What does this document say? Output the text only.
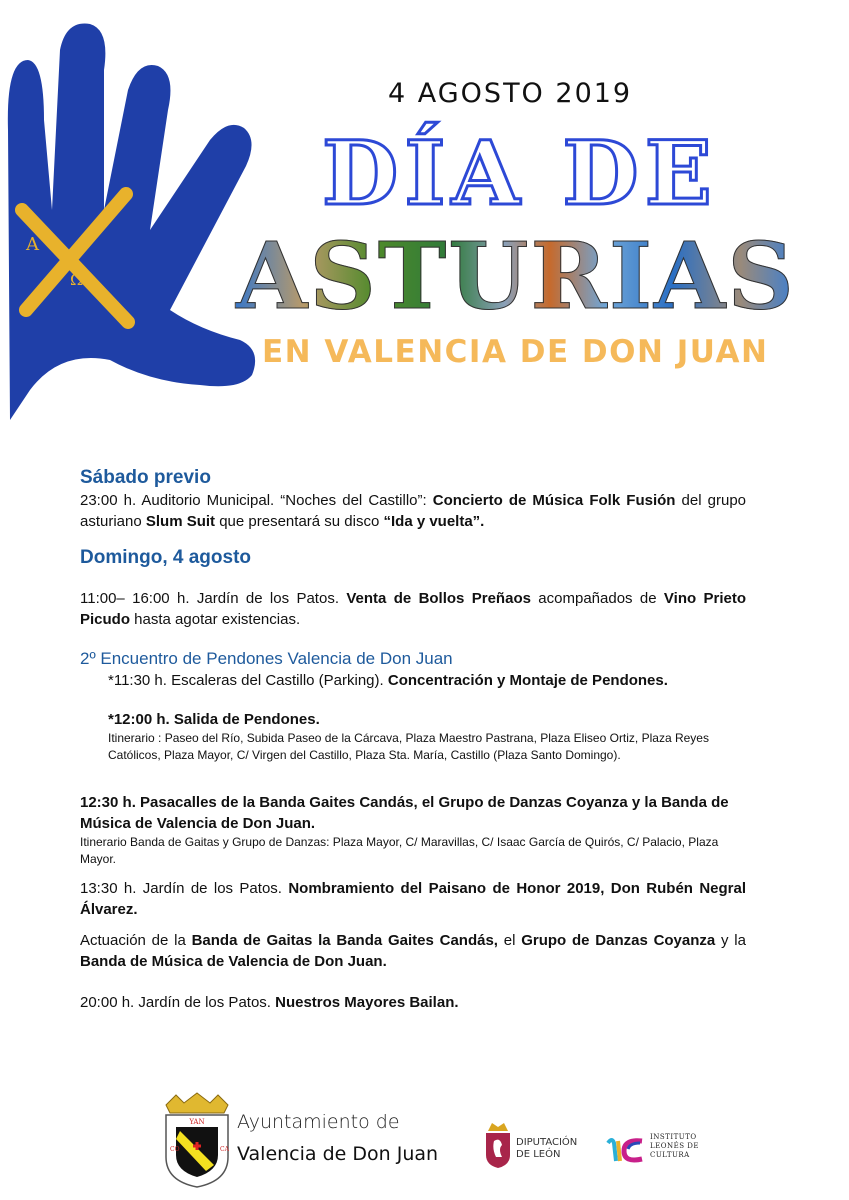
A
Ω
4 AGOSTO 2019
DÍA DE
ASTURIAS
EN VALENCIA DE DON JUAN
Sábado previo

23:00 h. Auditorio Municipal. “Noches del Castillo”: Concierto de Música Folk Fusión del grupo asturiano Slum Suit que presentará su disco “Ida y vuelta”.

Domingo, 4 agosto

11:00– 16:00 h. Jardín de los Patos. Venta de Bollos Preñaos acompañados de Vino Prieto Picudo hasta agotar existencias.

2º Encuentro de Pendones Valencia de Don Juan

*11:30 h. Escaleras del Castillo (Parking). Concentración y Montaje de Pendones.

*12:00 h. Salida de Pendones.

Itinerario : Paseo del Río, Subida Paseo de la Cárcava, Plaza Maestro Pastrana, Plaza Eliseo Ortiz, Plaza Reyes Católicos, Plaza Mayor, C/ Virgen del Castillo, Plaza Sta. María, Castillo (Plaza Santo Domingo).

12:30 h. Pasacalles de la Banda Gaites Candás, el Grupo de Danzas Coyanza y la Banda de Música de Valencia de Don Juan.

Itinerario Banda de Gaitas y Grupo de Danzas: Plaza Mayor, C/ Maravillas, C/ Isaac García de Quirós, C/ Palacio, Plaza Mayor.

13:30 h. Jardín de los Patos. Nombramiento del Paisano de Honor 2019, Don Rubén Negral Álvarez.

Actuación de la Banda de Gaitas la Banda Gaites Candás, el Grupo de Danzas Coyanza y la Banda de Música de Valencia de Don Juan.

20:00 h. Jardín de los Patos. Nuestros Mayores Bailan.

YAN
CO	CA
Ayuntamiento de
Valencia de Don Juan
DIPUTACIÓN
DE LEÓN
INSTITUTO
LEONÉS DE
CULTURA
